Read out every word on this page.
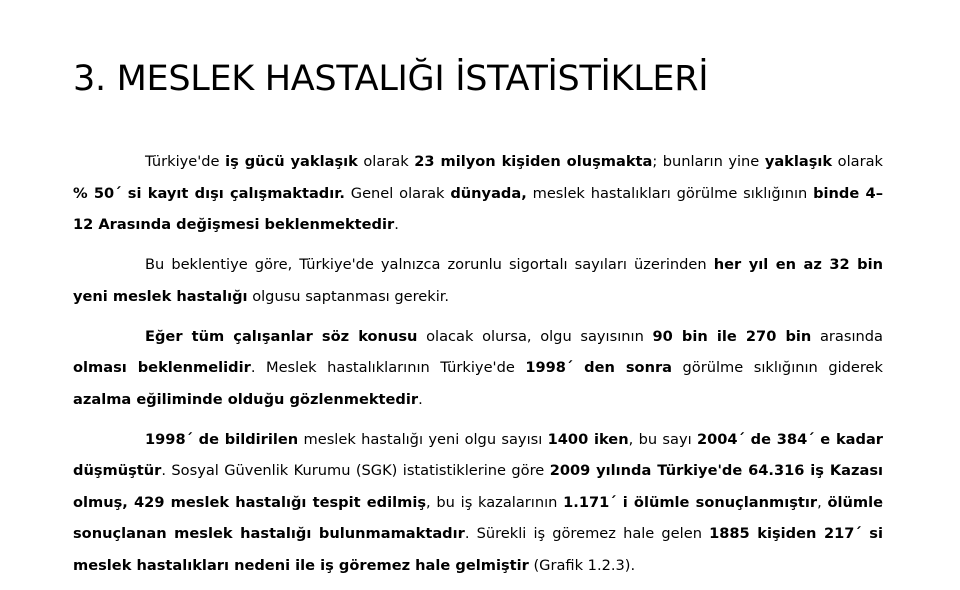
3. MESLEK HASTALIĞI İSTATİSTİKLERİ

Türkiye'de iş gücü yaklaşık olarak 23 milyon kişiden oluşmakta; bunların yine yaklaşık olarak % 50´ si kayıt dışı çalışmaktadır. Genel olarak dünyada, meslek hastalıkları görülme sıklığının binde 4–12 Arasında değişmesi beklenmektedir.

Bu beklentiye göre, Türkiye'de yalnızca zorunlu sigortalı sayıları üzerinden her yıl en az 32 bin yeni meslek hastalığı olgusu saptanması gerekir.

Eğer tüm çalışanlar söz konusu olacak olursa, olgu sayısının 90 bin ile 270 bin arasında olması beklenmelidir. Meslek hastalıklarının Türkiye'de 1998´ den sonra görülme sıklığının giderek azalma eğiliminde olduğu gözlenmektedir.

1998´ de bildirilen meslek hastalığı yeni olgu sayısı 1400 iken, bu sayı 2004´ de 384´ e kadar düşmüştür. Sosyal Güvenlik Kurumu (SGK) istatistiklerine göre 2009 yılında Türkiye'de 64.316 iş Kazası olmuş, 429 meslek hastalığı tespit edilmiş, bu iş kazalarının 1.171´ i ölümle sonuçlanmıştır, ölümle sonuçlanan meslek hastalığı bulunmamaktadır. Sürekli iş göremez hale gelen 1885 kişiden 217´ si meslek hastalıkları nedeni ile iş göremez hale gelmiştir (Grafik 1.2.3).
